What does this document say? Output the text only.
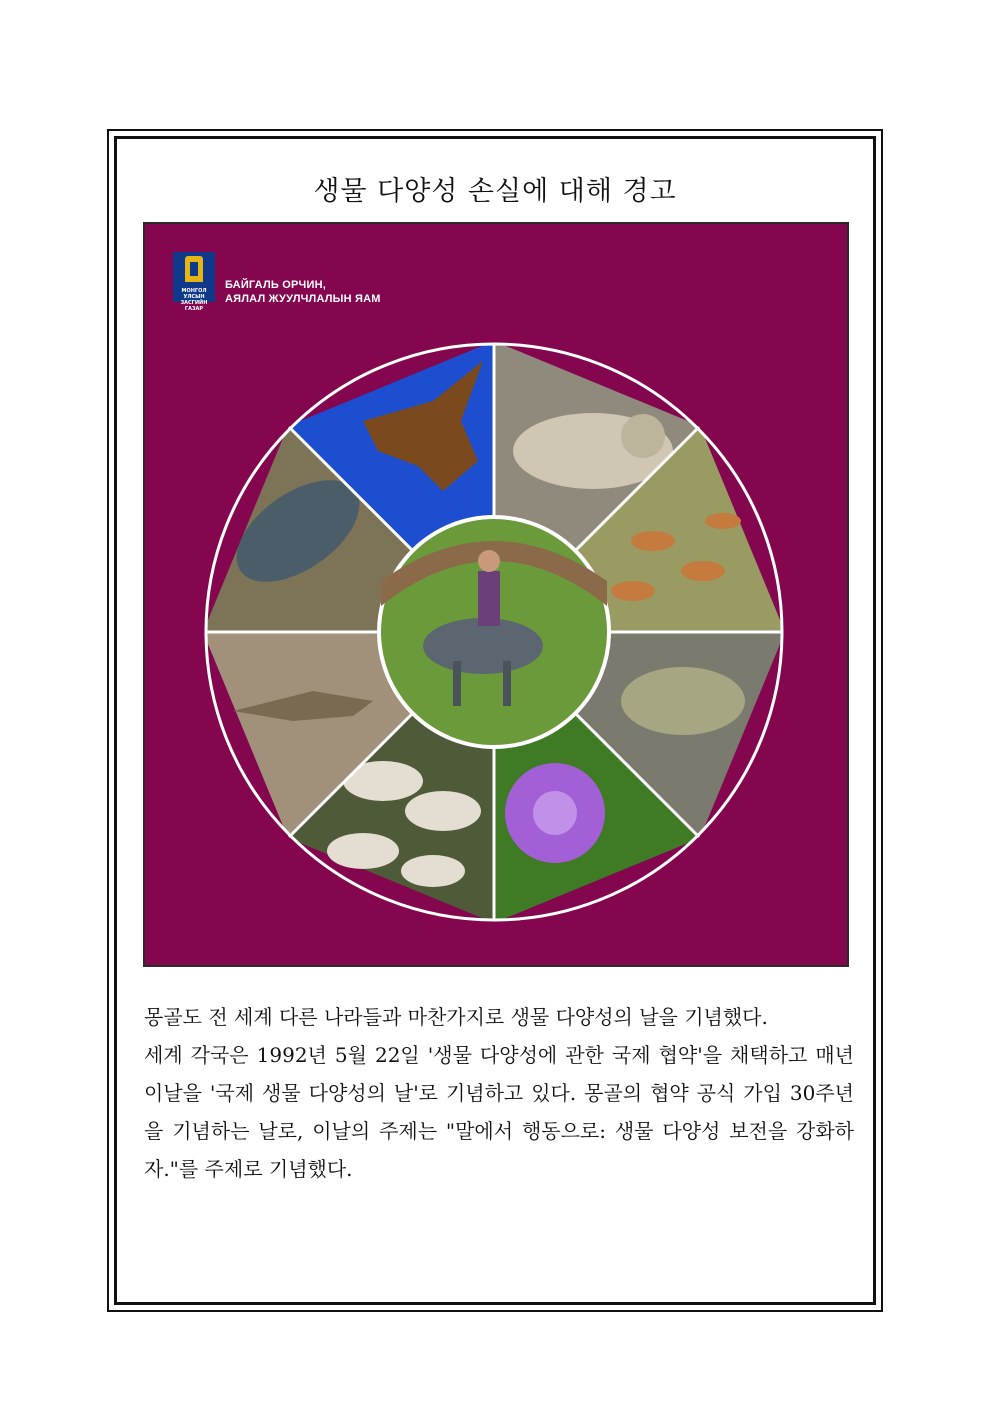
생물 다양성 손실에 대해 경고
МОНГОЛ УЛСЫН ЗАСГИЙН ГАЗАР
БАЙГАЛЬ ОРЧИН,
АЯЛАЛ ЖУУЛЧЛАЛЫН ЯАМ

몽골도 전 세계 다른 나라들과 마찬가지로 생물 다양성의 날을 기념했다.

세계 각국은 1992년 5월 22일 '생물 다양성에 관한 국제 협약'을 채택하고 매년 이날을 '국제 생물 다양성의 날'로 기념하고 있다. 몽골의 협약 공식 가입 30주년을 기념하는 날로, 이날의 주제는 "말에서 행동으로: 생물 다양성 보전을 강화하자."를 주제로 기념했다.
